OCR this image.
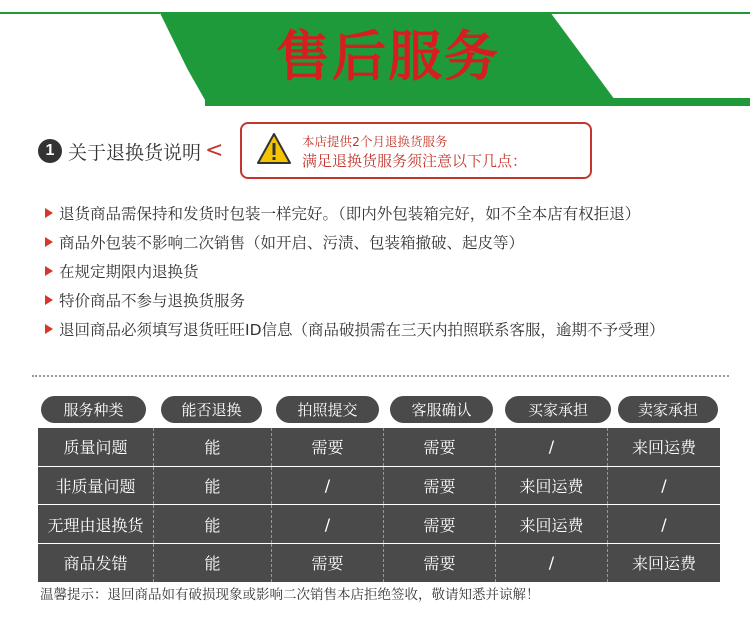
售后服务
1 关于退换货说明 <	本店提供2个月退换货服务
满足退换货服务须注意以下几点：
退货商品需保持和发货时包装一样完好。（即内外包装箱完好，如不全本店有权拒退）
商品外包装不影响二次销售（如开启、污渍、包装箱撤破、起皮等）
在规定期限内退换货
特价商品不参与退换货服务
退回商品必须填写退货旺旺ID信息（商品破损需在三天内拍照联系客服，逾期不予受理）
服务种类	能否退换	拍照提交	客服确认	买家承担	卖家承担
质量问题	能	需要	需要	/	来回运费
非质量问题	能	/	需要	来回运费	/
无理由退换货	能	/	需要	来回运费	/
商品发错	能	需要	需要	/	来回运费
温馨提示：退回商品如有破损现象或影响二次销售本店拒绝签收，敬请知悉并谅解！
